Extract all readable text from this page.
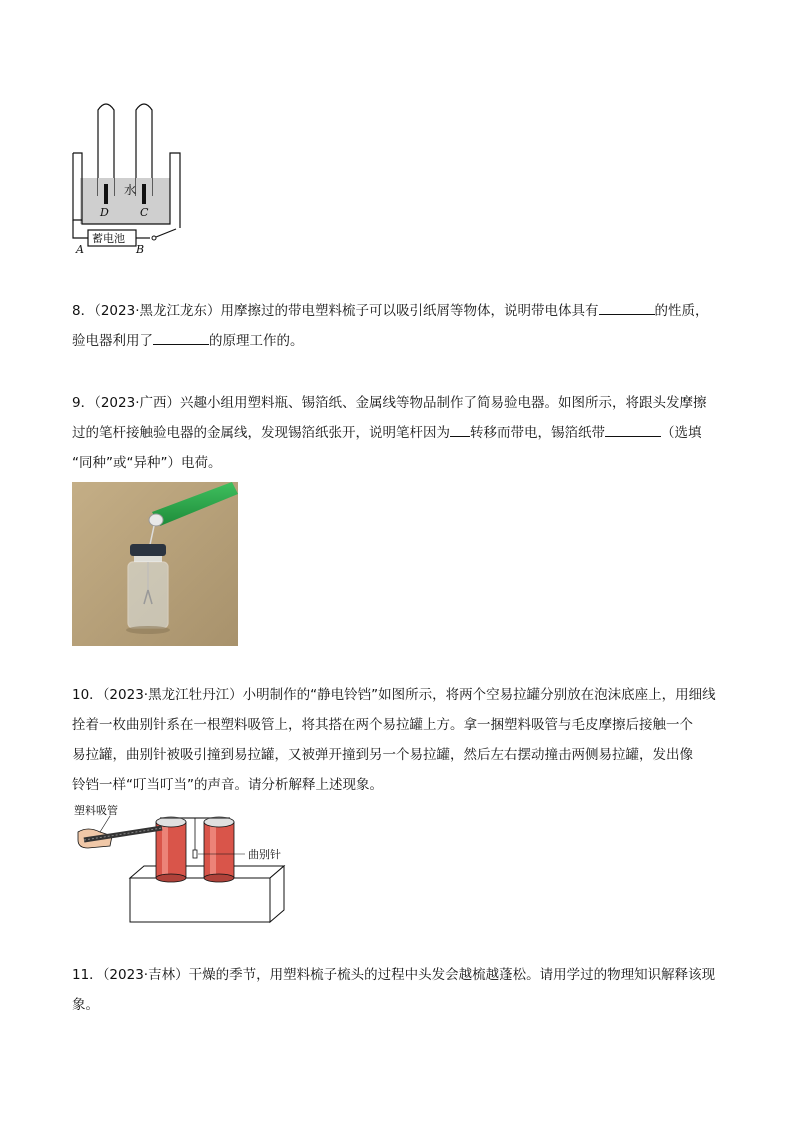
水
D	C
蓄电池
A	B
8．（2023·黑龙江龙东）用摩擦过的带电塑料梳子可以吸引纸屑等物体，说明带电体具有	的性质，
验电器利用了	的原理工作的。
9．（2023·广西）兴趣小组用塑料瓶、锡箔纸、金属线等物品制作了简易验电器。如图所示，将跟头发摩擦
过的笔杆接触验电器的金属线，发现锡箔纸张开，说明笔杆因为 转移而带电，锡箔纸带	（选填
“同种”或“异种”）电荷。
10．（2023·黑龙江牡丹江）小明制作的“静电铃铛”如图所示，将两个空易拉罐分别放在泡沫底座上，用细线
拴着一枚曲别针系在一根塑料吸管上，将其搭在两个易拉罐上方。拿一捆塑料吸管与毛皮摩擦后接触一个
易拉罐，曲别针被吸引撞到易拉罐，又被弹开撞到另一个易拉罐，然后左右摆动撞击两侧易拉罐，发出像
铃铛一样“叮当叮当”的声音。请分析解释上述现象。
塑料吸管
曲别针
11．（2023·吉林）干燥的季节，用塑料梳子梳头的过程中头发会越梳越蓬松。请用学过的物理知识解释该现
象。
